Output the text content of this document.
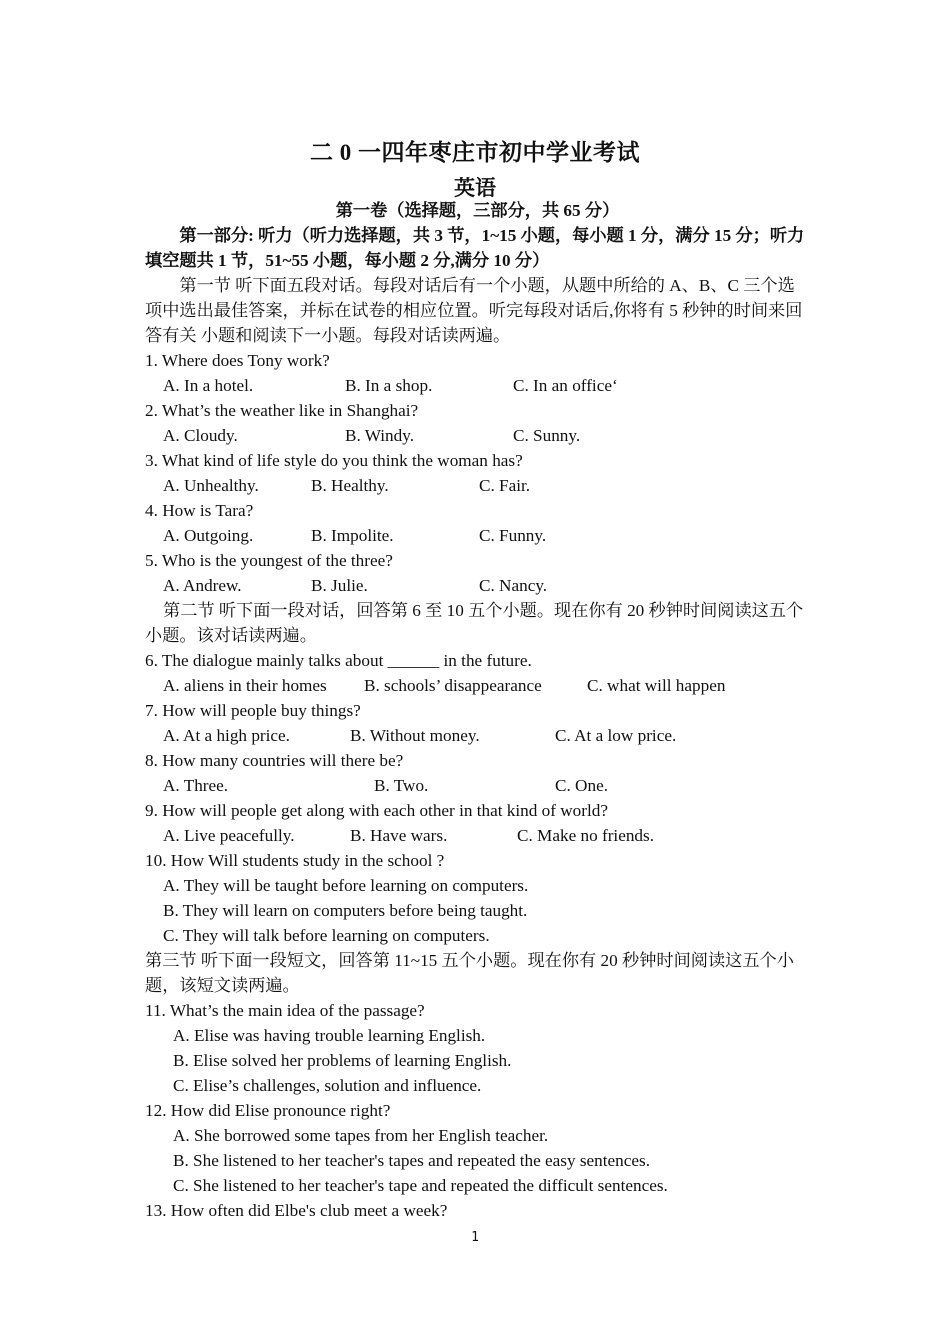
二 0 一四年枣庄市初中学业考试
英语
第一卷（选择题，三部分，共 65 分）
第一部分: 听力（听力选择题，共 3 节，1~15 小题，每小题 1 分，满分 15 分；听力填空题共 1 节，51~55 小题，每小题 2 分,满分 10 分）
第一节 听下面五段对话。每段对话后有一个小题，从题中所给的 A、B、C 三个选项中选出最佳答案，并标在试卷的相应位置。听完每段对话后,你将有 5 秒钟的时间来回答有关 小题和阅读下一小题。每段对话读两遍。
1. Where does Tony work?
A. In a hotel.	B. In a shop.	C. In an office‘
2. What’s the weather like in Shanghai?
A. Cloudy.	B. Windy.	C. Sunny.
3. What kind of life style do you think the woman has?
A. Unhealthy.	B. Healthy.	C. Fair.
4. How is Tara?
A. Outgoing.	B. Impolite.	C. Funny.
5. Who is the youngest of the three?
A. Andrew.	B. Julie.	C. Nancy.
第二节 听下面一段对话，回答第 6 至 10 五个小题。现在你有 20 秒钟时间阅读这五个小题。该对话读两遍。
6. The dialogue mainly talks about ______ in the future.
A. aliens in their homes B. schools’ disappearance	C. what will happen
7. How will people buy things?
A. At a high price.	B. Without money.	C. At a low price.
8. How many countries will there be?
A. Three.	B. Two.	C. One.
9. How will people get along with each other in that kind of world?
A. Live peacefully.	B. Have wars.	C. Make no friends.
10. How Will students study in the school ?
A. They will be taught before learning on computers.
B. They will learn on computers before being taught.
C. They will talk before learning on computers.
第三节 听下面一段短文，回答第 11~15 五个小题。现在你有 20 秒钟时间阅读这五个小题，该短文读两遍。
11. What’s the main idea of the passage?
A. Elise was having trouble learning English.
B. Elise solved her problems of learning English.
C. Elise’s challenges, solution and influence.
12. How did Elise pronounce right?
A. She borrowed some tapes from her English teacher.
B. She listened to her teacher's tapes and repeated the easy sentences.
C. She listened to her teacher's tape and repeated the difficult sentences.
13. How often did Elbe's club meet a week?
1
